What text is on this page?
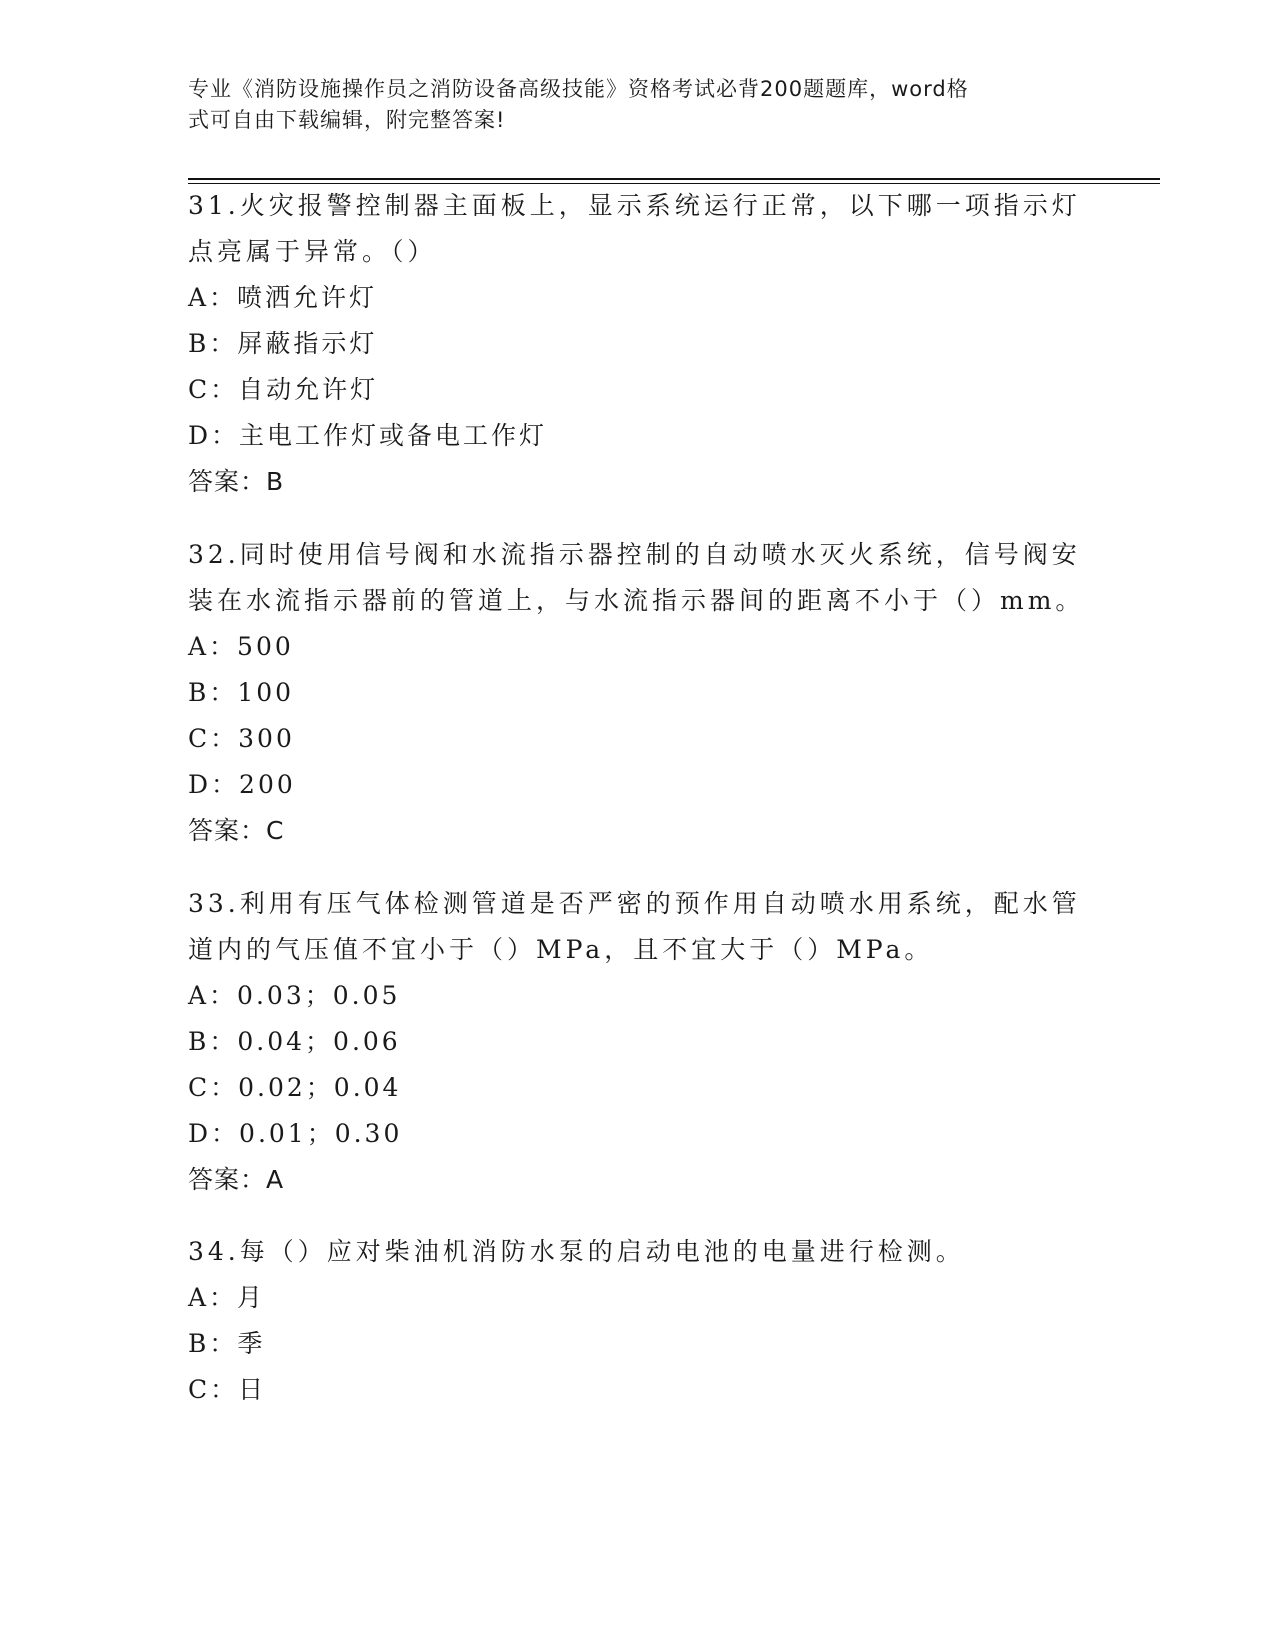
专业《消防设施操作员之消防设备高级技能》资格考试必背200题题库，word格
式可自由下载编辑，附完整答案!

31.火灾报警控制器主面板上，显示系统运行正常，以下哪一项指示灯

点亮属于异常。（）

A：喷洒允许灯

B：屏蔽指示灯

C：自动允许灯

D：主电工作灯或备电工作灯

答案：B

32.同时使用信号阀和水流指示器控制的自动喷水灭火系统，信号阀安

装在水流指示器前的管道上，与水流指示器间的距离不小于（）mm。

A：500

B：100

C：300

D：200

答案：C

33.利用有压气体检测管道是否严密的预作用自动喷水用系统，配水管

道内的气压值不宜小于（）MPa，且不宜大于（）MPa。

A：0.03；0.05

B：0.04；0.06

C：0.02；0.04

D：0.01；0.30

答案：A

34.每（）应对柴油机消防水泵的启动电池的电量进行检测。

A：月

B：季

C：日
